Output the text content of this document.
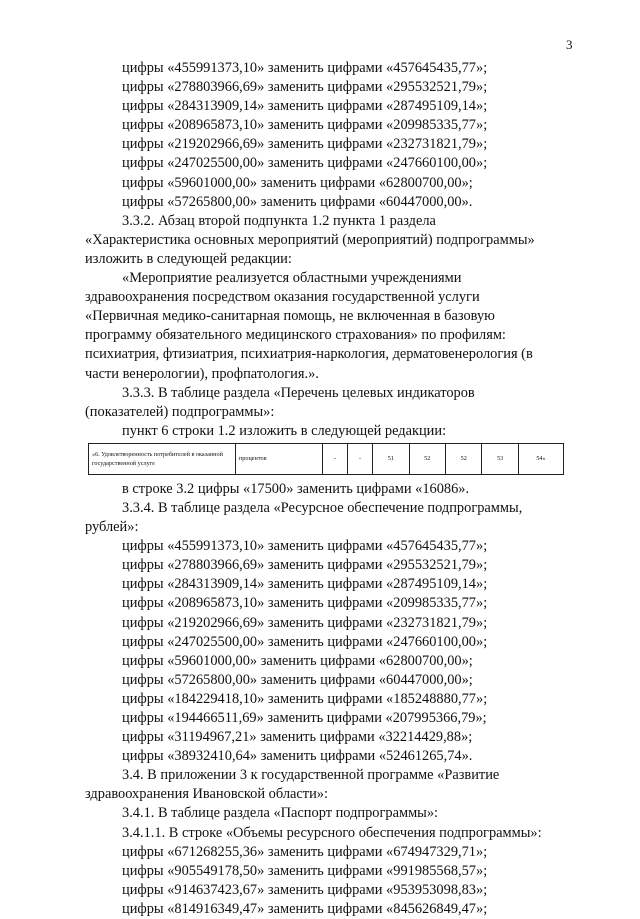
3
цифры «455991373,10» заменить цифрами «457645435,77»;
цифры «278803966,69» заменить цифрами «295532521,79»;
цифры «284313909,14» заменить цифрами «287495109,14»;
цифры «208965873,10» заменить цифрами «209985335,77»;
цифры «219202966,69» заменить цифрами «232731821,79»;
цифры «247025500,00» заменить цифрами «247660100,00»;
цифры «59601000,00» заменить цифрами «62800700,00»;
цифры «57265800,00» заменить цифрами «60447000,00».
3.3.2. Абзац второй подпункта 1.2 пункта 1 раздела
«Характеристика основных мероприятий (мероприятий) подпрограммы»
изложить в следующей редакции:
«Мероприятие реализуется областными учреждениями
здравоохранения посредством оказания государственной услуги
«Первичная медико-санитарная помощь, не включенная в базовую
программу обязательного медицинского страхования» по профилям:
психиатрия, фтизиатрия, психиатрия-наркология, дерматовенерология (в
части венерологии), профпатология.».
3.3.3. В таблице раздела «Перечень целевых индикаторов
(показателей) подпрограммы»:
пункт 6 строки 1.2 изложить в следующей редакции:
«6. Удовлетворенность потребителей в оказанной государственной услуге	процентов	-	-	51	52	52	53	54»
в строке 3.2 цифры «17500» заменить цифрами «16086».
3.3.4. В таблице раздела «Ресурсное обеспечение подпрограммы,
рублей»:
цифры «455991373,10» заменить цифрами «457645435,77»;
цифры «278803966,69» заменить цифрами «295532521,79»;
цифры «284313909,14» заменить цифрами «287495109,14»;
цифры «208965873,10» заменить цифрами «209985335,77»;
цифры «219202966,69» заменить цифрами «232731821,79»;
цифры «247025500,00» заменить цифрами «247660100,00»;
цифры «59601000,00» заменить цифрами «62800700,00»;
цифры «57265800,00» заменить цифрами «60447000,00»;
цифры «184229418,10» заменить цифрами «185248880,77»;
цифры «194466511,69» заменить цифрами «207995366,79»;
цифры «31194967,21» заменить цифрами «32214429,88»;
цифры «38932410,64» заменить цифрами «52461265,74».
3.4. В приложении 3 к государственной программе «Развитие
здравоохранения Ивановской области»:
3.4.1. В таблице раздела «Паспорт подпрограммы»:
3.4.1.1. В строке «Объемы ресурсного обеспечения подпрограммы»:
цифры «671268255,36» заменить цифрами «674947329,71»;
цифры «905549178,50» заменить цифрами «991985568,57»;
цифры «914637423,67» заменить цифрами «953953098,83»;
цифры «814916349,47» заменить цифрами «845626849,47»;
